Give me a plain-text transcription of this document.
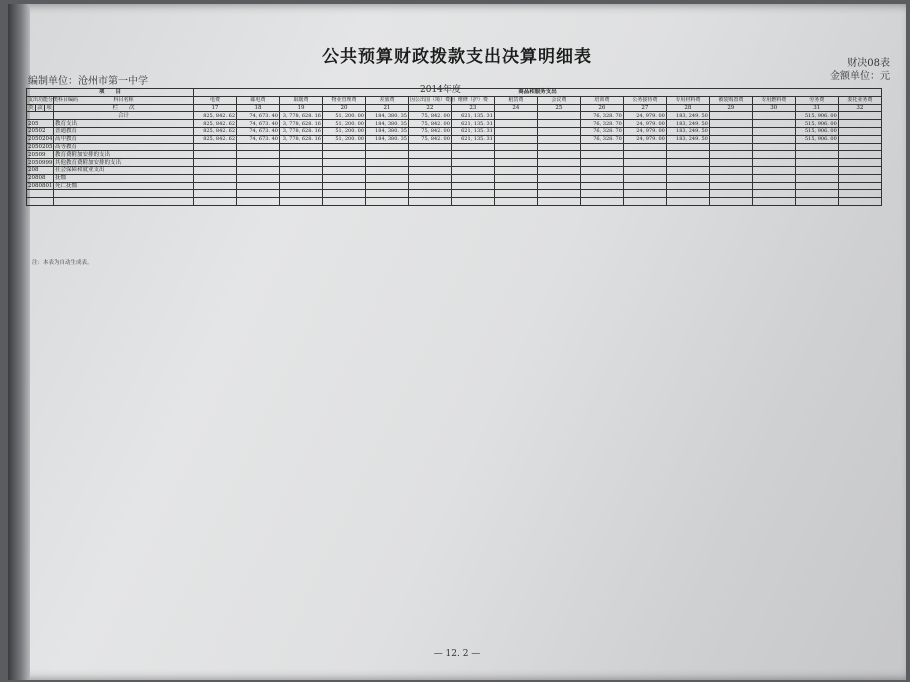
公共预算财政拨款支出决算明细表	财决08表
金额单位：元
编制单位：沧州市第一中学
2014年度
项　　目				商品和服务支出															
支出功能分类科目编码			科目名称	电费	邮电费	取暖费	物业管理费	差旅费	因公出国（境）费用	维修（护）费	租赁费	会议费	培训费	公务接待费	专用材料费	被装购置费	专用燃料费	劳务费	委托业务费
类	款	项	栏　　次	17	18	19	20	21	22	23	24	25	26	27	28	29	30	31	32
			合计	825, 842. 62	74, 673. 40	3, 778, 628. 16	51, 200. 00	184, 380. 35	75, 842. 00	621, 135. 31			76, 328. 70	24, 979. 00	183, 249. 50			515, 906. 00	
205			教育支出	825, 842. 62	74, 673. 40	3, 778, 628. 16	51, 200. 00	184, 380. 35	75, 842. 00	621, 135. 31			76, 328. 70	24, 979. 00	183, 249. 50			515, 906. 00	
20502			普通教育	825, 842. 62	74, 673. 40	3, 778, 628. 16	51, 200. 00	184, 380. 35	75, 842. 00	621, 135. 31			76, 328. 70	24, 979. 00	183, 249. 50			515, 906. 00	
2050204			高中教育	825, 842. 62	74, 673. 40	3, 778, 628. 16	51, 200. 00	184, 380. 35	75, 842. 00	621, 135. 31			76, 328. 70	24, 979. 00	183, 249. 50			515, 906. 00	
2050205			高等教育																
20509			教育费附加安排的支出																
2050999			其他教育费附加安排的支出																
208			社会保障和就业支出																
20808			抚恤																
2080801			死亡抚恤																

注：本表为自动生成表。
— 12. 2 —
